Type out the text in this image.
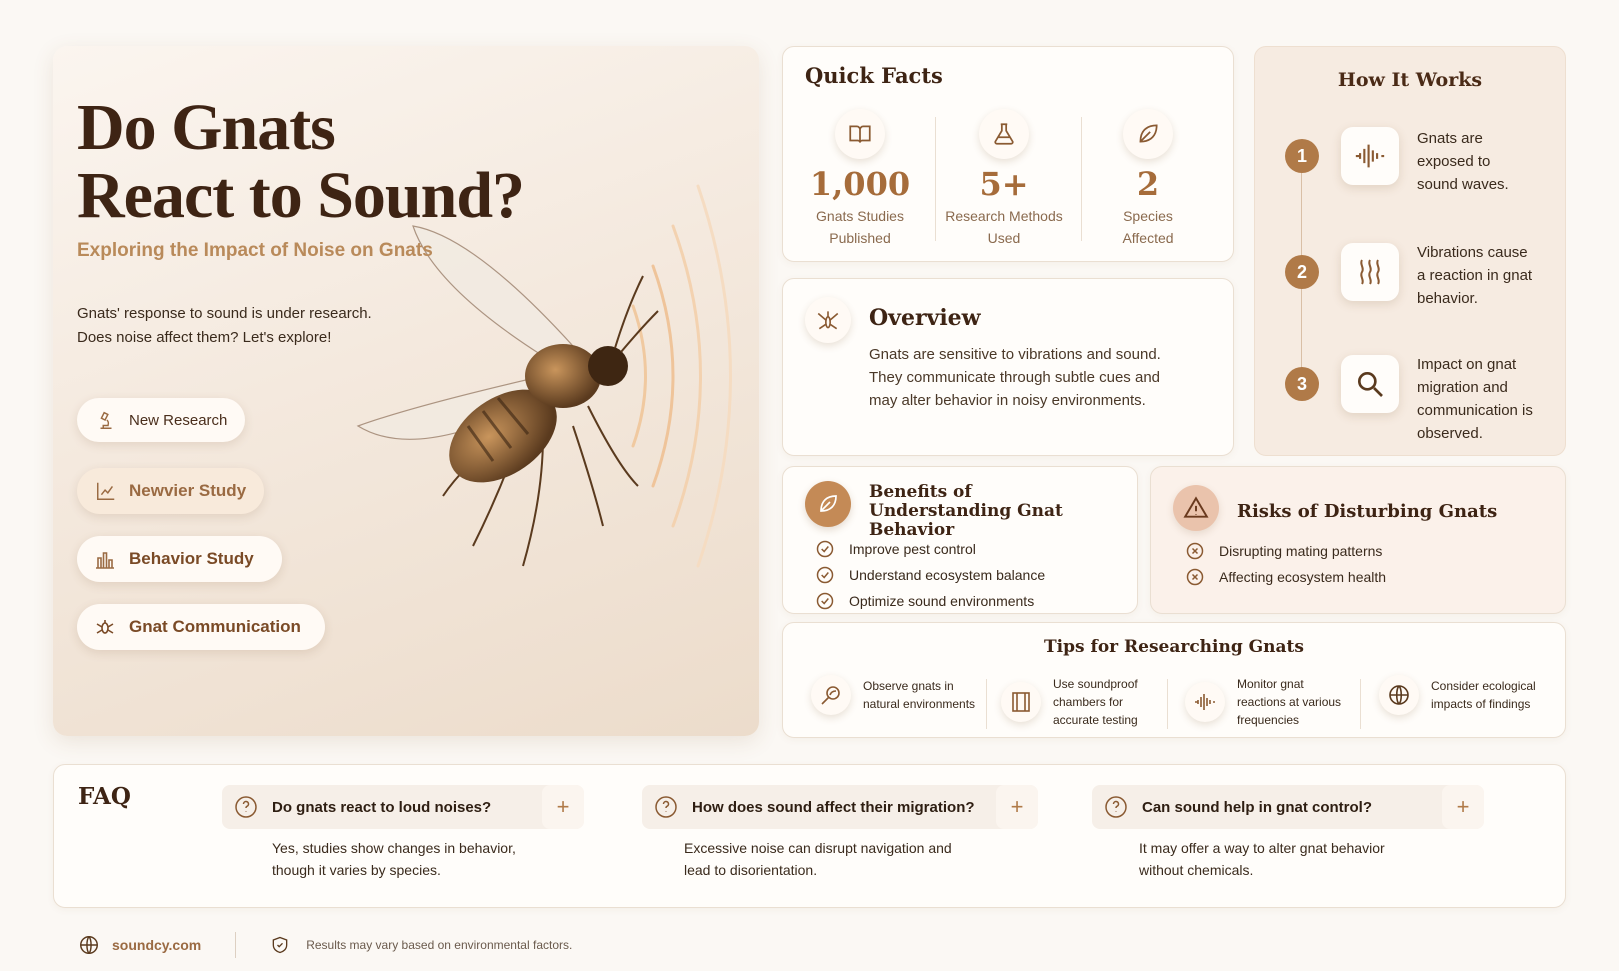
Do Gnats
React to Sound?
Exploring the Impact of Noise on Gnats
Gnats' response to sound is under research.
Does noise affect them? Let's explore!
New Research
Newvier Study
Behavior Study
Gnat Communication
Quick Facts
1,000
Gnats Studies
Published
5+
Research Methods
Used
2
Species
Affected
Overview
Gnats are sensitive to vibrations and sound. They communicate through subtle cues and may alter behavior in noisy environments.
How It Works
1
Gnats are exposed to sound waves.
2
Vibrations cause a reaction in gnat behavior.
3
Impact on gnat migration and communication is observed.
Benefits of Understanding Gnat Behavior
Improve pest control
Understand ecosystem balance
Optimize sound environments
Risks of Disturbing Gnats
Disrupting mating patterns
Affecting ecosystem health
Tips for Researching Gnats
Observe gnats in
natural environments
Use soundproof
chambers for
accurate testing
Monitor gnat
reactions at various
frequencies
Consider ecological
impacts of findings
FAQ	Do gnats react to loud noises?	+
Yes, studies show changes in behavior,
though it varies by species.
How does sound affect their migration?	+
Excessive noise can disrupt navigation and
lead to disorientation.
Can sound help in gnat control?	+
It may offer a way to alter gnat behavior
without chemicals.
soundcy.com	Results may vary based on environmental factors.
